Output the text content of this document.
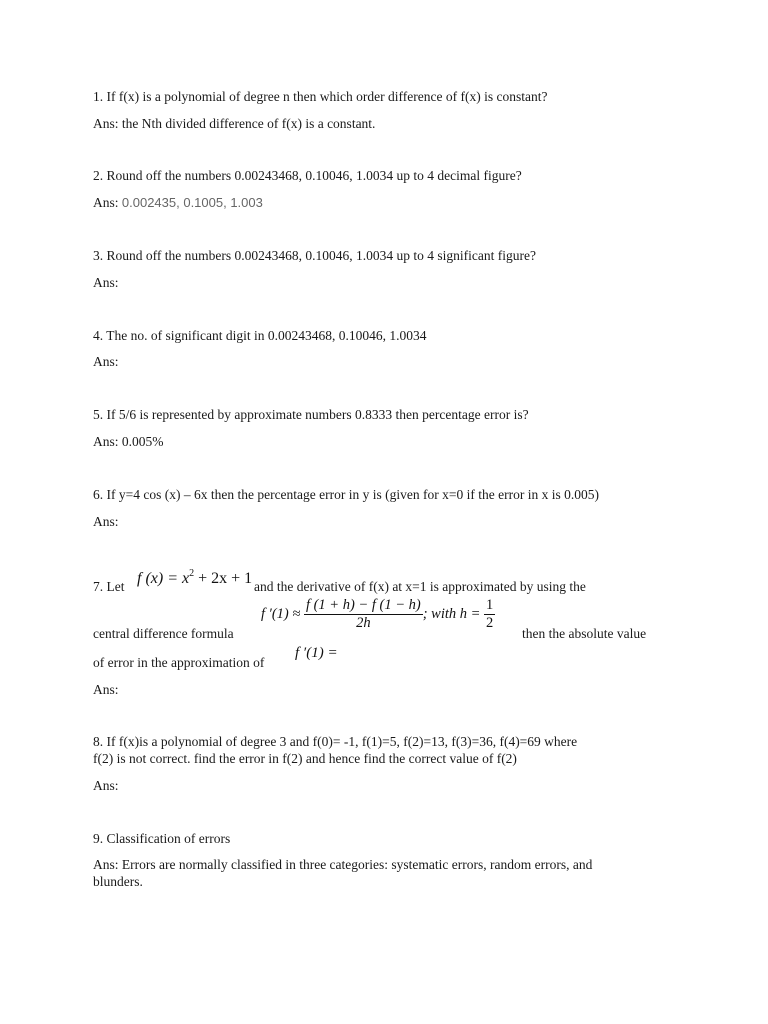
1. If f(x) is a polynomial of degree n then which order difference of f(x) is constant?
Ans: the Nth divided difference of f(x) is a constant.
2. Round off the numbers 0.00243468, 0.10046, 1.0034 up to 4 decimal figure?
Ans: 0.002435, 0.1005, 1.003
3. Round off the numbers 0.00243468, 0.10046, 1.0034 up to 4 significant figure?
Ans:
4. The no. of significant digit in 0.00243468, 0.10046, 1.0034
Ans:
5. If 5/6 is represented by approximate numbers 0.8333 then percentage error is?
Ans: 0.005%
6. If y=4 cos (x) – 6x then the percentage error in y is (given for x=0 if the error in x is 0.005)
Ans:
7. Let f $(x) = x^2 + 2x + 1$ and the derivative of f(x) at x=1 is approximated by using the
central difference formula
f $'(1) \approx \frac{f (1 + h) - f (1 - h)}{2h}$ ; with $h = \frac{1}{2}$
then the absolute value
of error in the approximation of
f ′(1) =
Ans:
8. If f(x)is a polynomial of degree 3 and f(0)= -1, f(1)=5, f(2)=13, f(3)=36, f(4)=69 where
f(2) is not correct. find the error in f(2) and hence find the correct value of f(2)
Ans:
9. Classification of errors
Ans: Errors are normally classified in three categories: systematic errors, random errors, and
blunders.
